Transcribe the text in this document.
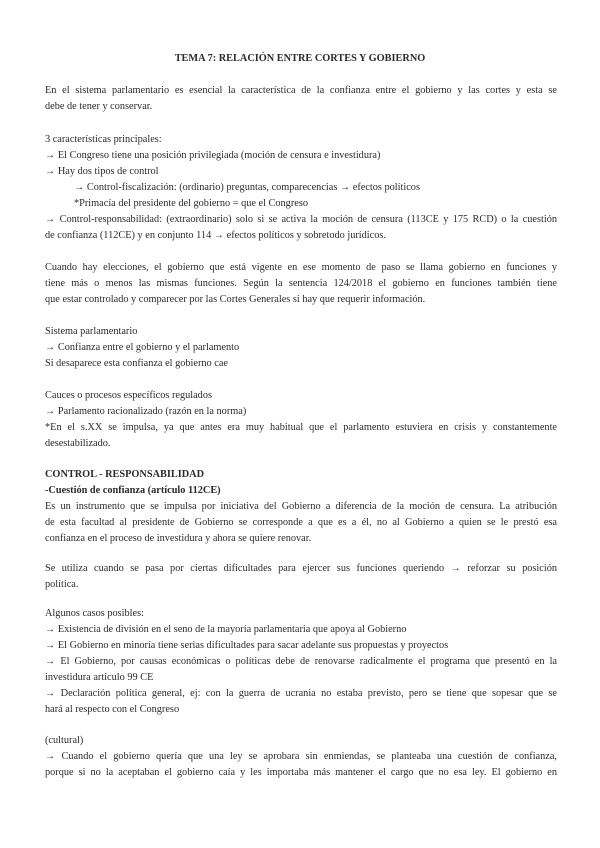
TEMA 7: RELACIÓN ENTRE CORTES Y GOBIERNO
En el sistema parlamentario es esencial la característica de la confianza entre el gobierno y las cortes y esta se
debe de tener y conservar.
3 características principales:
→ El Congreso tiene una posición privilegiada (moción de censura e investidura)
→ Hay dos tipos de control
→ Control-fiscalización: (ordinario) preguntas, comparecencias → efectos políticos
*Primacía del presidente del gobierno = que el Congreso
→ Control-responsabilidad: (extraordinario) solo si se activa la moción de censura (113CE y 175 RCD) o la cuestión
de confianza (112CE) y en conjunto 114 → efectos políticos y sobretodo jurídicos.
Cuando hay elecciones, el gobierno que está vigente en ese momento de paso se llama gobierno en funciones y
tiene más o menos las mismas funciones. Según la sentencia 124/2018 el gobierno en funciones también tiene
que estar controlado y comparecer por las Cortes Generales si hay que requerir información.
Sistema parlamentario
→ Confianza entre el gobierno y el parlamento
Si desaparece esta confianza el gobierno cae
Cauces o procesos específicos regulados
→ Parlamento racionalizado (razón en la norma)
*En el s.XX se impulsa, ya que antes era muy habitual que el parlamento estuviera en crisis y constantemente
desestabilizado.
CONTROL - RESPONSABILIDAD
-Cuestión de confianza (artículo 112CE)
Es un instrumento que se impulsa por iniciativa del Gobierno a diferencia de la moción de censura. La atribución
de esta facultad al presidente de Gobierno se corresponde a que es a él, no al Gobierno a quien se le prestó esa
confianza en el proceso de investidura y ahora se quiere renovar.
Se utiliza cuando se pasa por ciertas dificultades para ejercer sus funciones queriendo → reforzar su posición
política.
Algunos casos posibles:
→ Existencia de división en el seno de la mayoría parlamentaria que apoya al Gobierno
→ El Gobierno en minoría tiene serias dificultades para sacar adelante sus propuestas y proyectos
→ El Gobierno, por causas económicas o políticas debe de renovarse radicalmente el programa que presentó en la
investidura artículo 99 CE
→ Declaración política general, ej: con la guerra de ucrania no estaba previsto, pero se tiene que sopesar que se
hará al respecto con el Congreso
(cultural)
→ Cuando el gobierno quería que una ley se aprobara sin enmiendas, se planteaba una cuestión de confianza,
porque si no la aceptaban el gobierno caía y les importaba más mantener el cargo que no esa ley. El gobierno en
